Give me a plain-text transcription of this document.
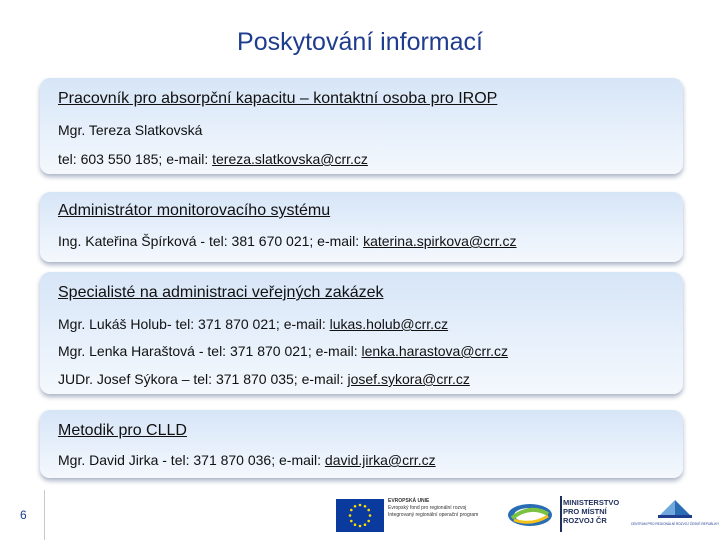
Poskytování informací
Pracovník pro absorpční kapacitu – kontaktní osoba pro IROP
Mgr. Tereza Slatkovská
tel: 603 550 185; e-mail: tereza.slatkovska@crr.cz
Administrátor monitorovacího systému
Ing. Kateřina Špírková - tel: 381 670 021; e-mail: katerina.spirkova@crr.cz
Specialisté na administraci veřejných zakázek
Mgr. Lukáš Holub- tel: 371 870 021; e-mail: lukas.holub@crr.cz
Mgr. Lenka Haraštová - tel: 371 870 021; e-mail: lenka.harastova@crr.cz
JUDr. Josef Sýkora – tel: 371 870 035; e-mail: josef.sykora@crr.cz
Metodik pro CLLD
Mgr. David Jirka - tel: 371 870 036; e-mail: david.jirka@crr.cz
6
EVROPSKÁ UNIE
Evropský fond pro regionální rozvoj
Integrovaný regionální operační program
MINISTERSTVO
PRO MÍSTNÍ
ROZVOJ ČR	CENTRUM PRO REGIONÁLNÍ ROZVOJ ČESKÉ REPUBLIKY
